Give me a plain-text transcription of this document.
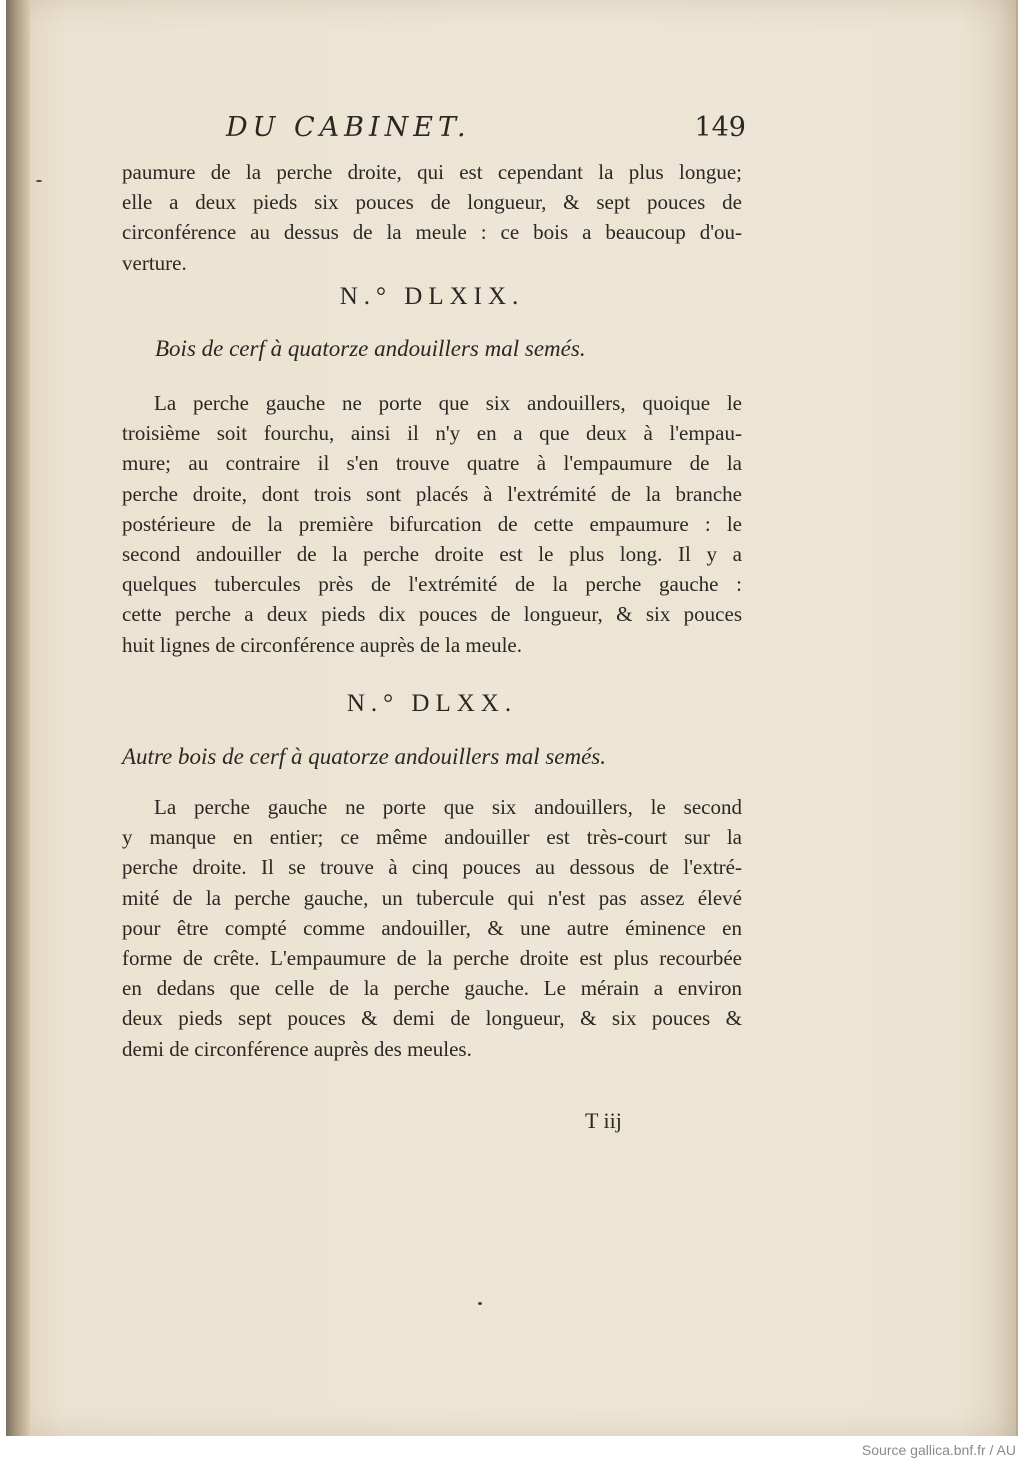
DU CABINET.	149
paumure de la perche droite, qui est cependant la plus longue;
elle a deux pieds six pouces de longueur, & sept pouces de
circonférence au dessus de la meule : ce bois a beaucoup d'ou-
verture.
N.° DLXIX.
Bois de cerf à quatorze andouillers mal semés.
La perche gauche ne porte que six andouillers, quoique le
troisième soit fourchu, ainsi il n'y en a que deux à l'empau-
mure; au contraire il s'en trouve quatre à l'empaumure de la
perche droite, dont trois sont placés à l'extrémité de la branche
postérieure de la première bifurcation de cette empaumure : le
second andouiller de la perche droite est le plus long. Il y a
quelques tubercules près de l'extrémité de la perche gauche :
cette perche a deux pieds dix pouces de longueur, & six pouces
huit lignes de circonférence auprès de la meule.
N.° DLXX.
Autre bois de cerf à quatorze andouillers mal semés.
La perche gauche ne porte que six andouillers, le second
y manque en entier; ce même andouiller est très-court sur la
perche droite. Il se trouve à cinq pouces au dessous de l'extré-
mité de la perche gauche, un tubercule qui n'est pas assez élevé
pour être compté comme andouiller, & une autre éminence en
forme de crête. L'empaumure de la perche droite est plus recourbée
en dedans que celle de la perche gauche. Le mérain a environ
deux pieds sept pouces & demi de longueur, & six pouces &
demi de circonférence auprès des meules.
T iij
Source gallica.bnf.fr / AU
